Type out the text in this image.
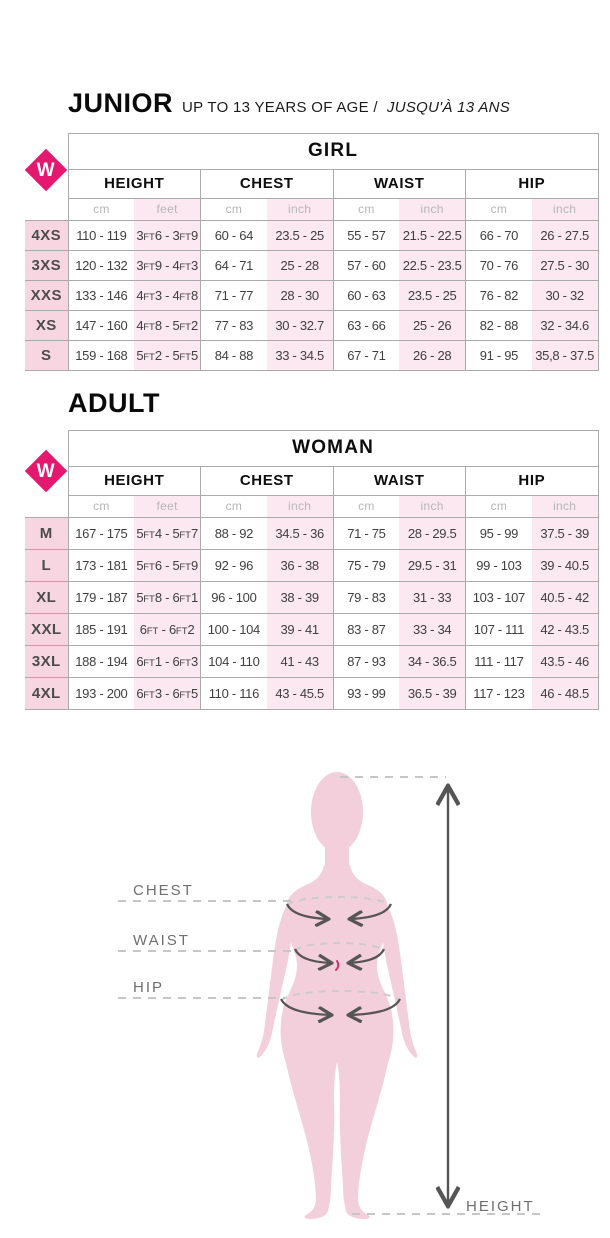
JUNIOR UP TO 13 YEARS OF AGE / JUSQU'À 13 ANS
W
	GIRL							
	HEIGHT		CHEST		WAIST		HIP	
	cm	feet	cm	inch	cm	inch	cm	inch
4XS	110 - 119	3FT6 - 3FT9	60 - 64	23.5 - 25	55 - 57	21.5 - 22.5	66 - 70	26 - 27.5
3XS	120 - 132	3FT9 - 4FT3	64 - 71	25 - 28	57 - 60	22.5 - 23.5	70 - 76	27.5 - 30
XXS	133 - 146	4FT3 - 4FT8	71 - 77	28 - 30	60 - 63	23.5 - 25	76 - 82	30 - 32
XS	147 - 160	4FT8 - 5FT2	77 - 83	30 - 32.7	63 - 66	25 - 26	82 - 88	32 - 34.6
S	159 - 168	5FT2 - 5FT5	84 - 88	33 - 34.5	67 - 71	26 - 28	91 - 95	35,8 - 37.5
ADULT
W
	WOMAN							
	HEIGHT		CHEST		WAIST		HIP	
	cm	feet	cm	inch	cm	inch	cm	inch
M	167 - 175	5FT4 - 5FT7	88 - 92	34.5 - 36	71 - 75	28 - 29.5	95 - 99	37.5 - 39
L	173 - 181	5FT6 - 5FT9	92 - 96	36 - 38	75 - 79	29.5 - 31	99 - 103	39 - 40.5
XL	179 - 187	5FT8 - 6FT1	96 - 100	38 - 39	79 - 83	31 - 33	103 - 107	40.5 - 42
XXL	185 - 191	6FT - 6FT2	100 - 104	39 - 41	83 - 87	33 - 34	107 - 111	42 - 43.5
3XL	188 - 194	6FT1 - 6FT3	104 - 110	41 - 43	87 - 93	34 - 36.5	111 - 117	43.5 - 46
4XL	193 - 200	6FT3 - 6FT5	110 - 116	43 - 45.5	93 - 99	36.5 - 39	117 - 123	46 - 48.5
CHEST
WAIST
HIP
HEIGHT
